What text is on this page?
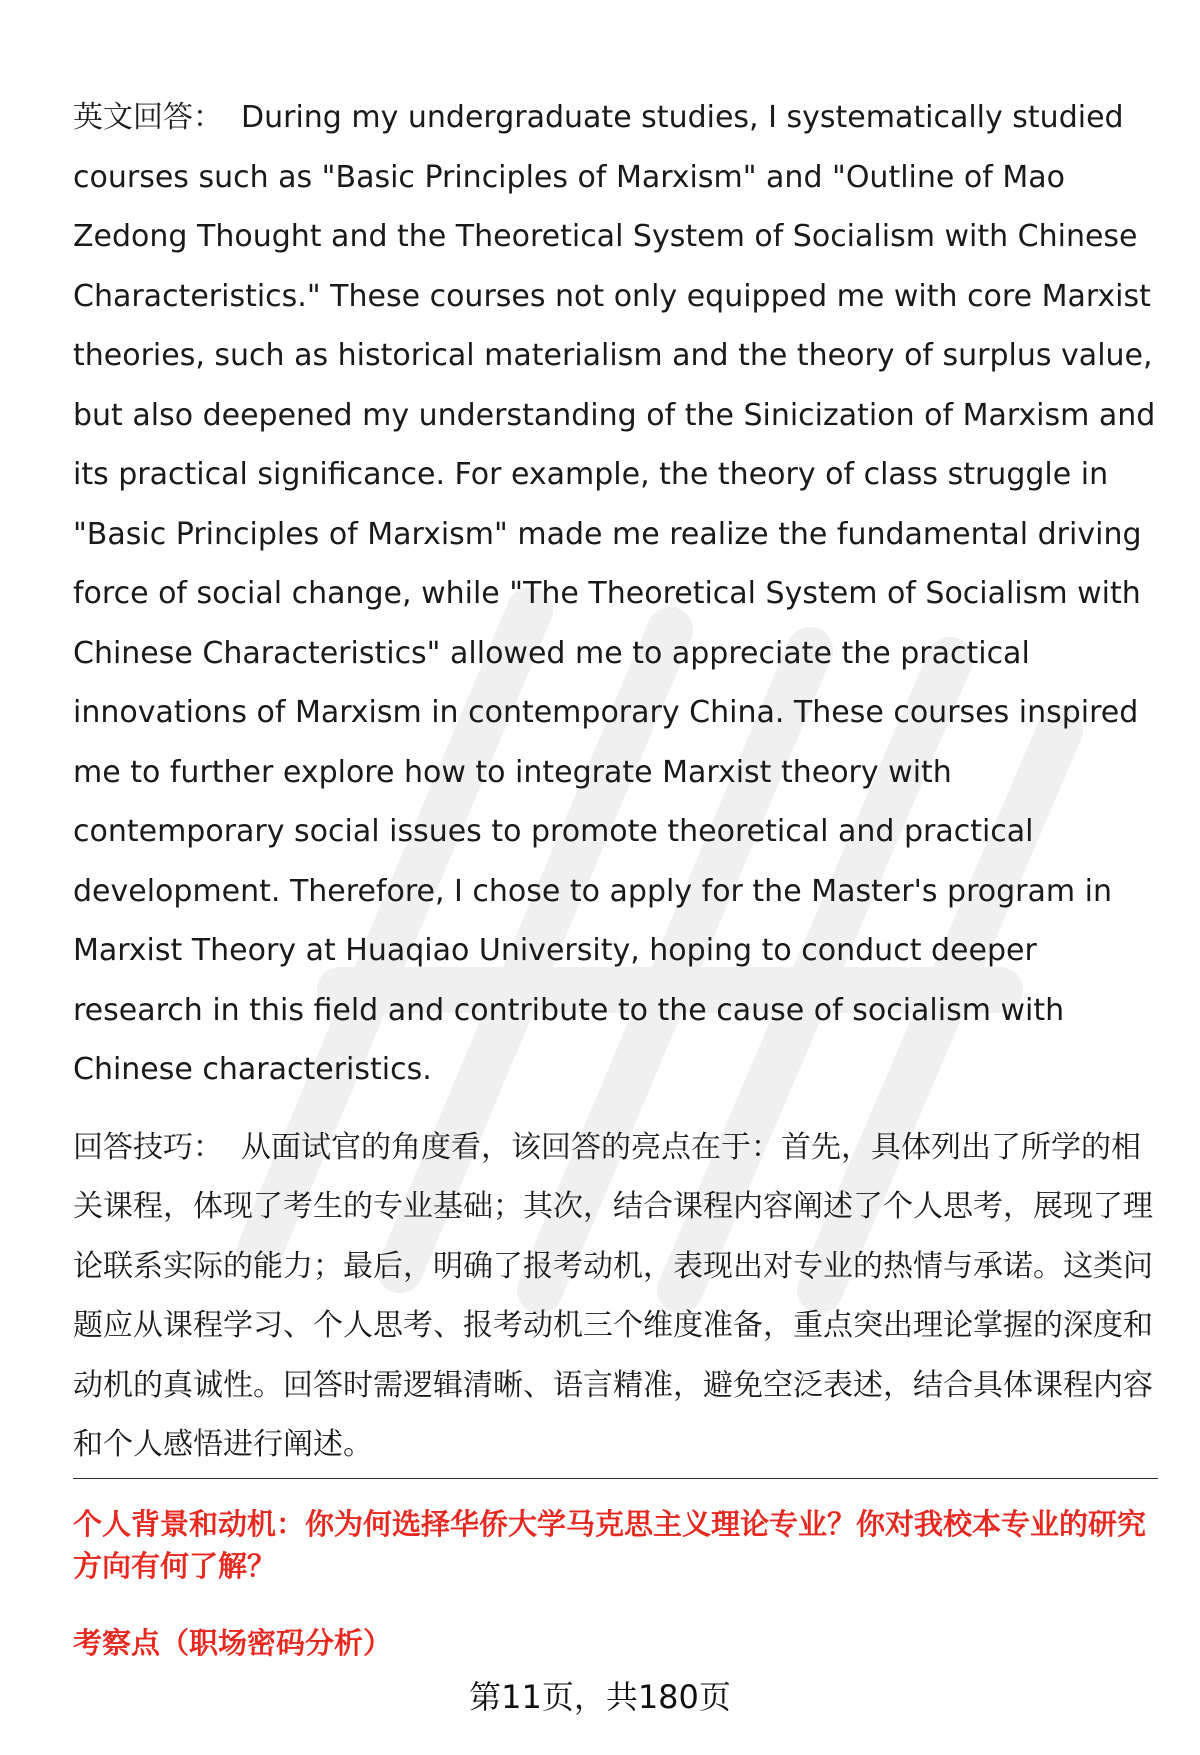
英文回答： During my undergraduate studies, I systematically studied courses such as "Basic Principles of Marxism" and "Outline of Mao Zedong Thought and the Theoretical System of Socialism with Chinese Characteristics." These courses not only equipped me with core Marxist theories, such as historical materialism and the theory of surplus value, but also deepened my understanding of the Sinicization of Marxism and its practical significance. For example, the theory of class struggle in "Basic Principles of Marxism" made me realize the fundamental driving force of social change, while "The Theoretical System of Socialism with Chinese Characteristics" allowed me to appreciate the practical innovations of Marxism in contemporary China. These courses inspired me to further explore how to integrate Marxist theory with contemporary social issues to promote theoretical and practical development. Therefore, I chose to apply for the Master's program in Marxist Theory at Huaqiao University, hoping to conduct deeper research in this field and contribute to the cause of socialism with Chinese characteristics.

回答技巧： 从面试官的角度看，该回答的亮点在于：首先，具体列出了所学的相关课程，体现了考生的专业基础；其次，结合课程内容阐述了个人思考，展现了理论联系实际的能力；最后，明确了报考动机，表现出对专业的热情与承诺。这类问题应从课程学习、个人思考、报考动机三个维度准备，重点突出理论掌握的深度和动机的真诚性。回答时需逻辑清晰、语言精准，避免空泛表述，结合具体课程内容和个人感悟进行阐述。

个人背景和动机：你为何选择华侨大学马克思主义理论专业？你对我校本专业的研究方向有何了解？

考察点（职场密码分析）

第11页，共180页
